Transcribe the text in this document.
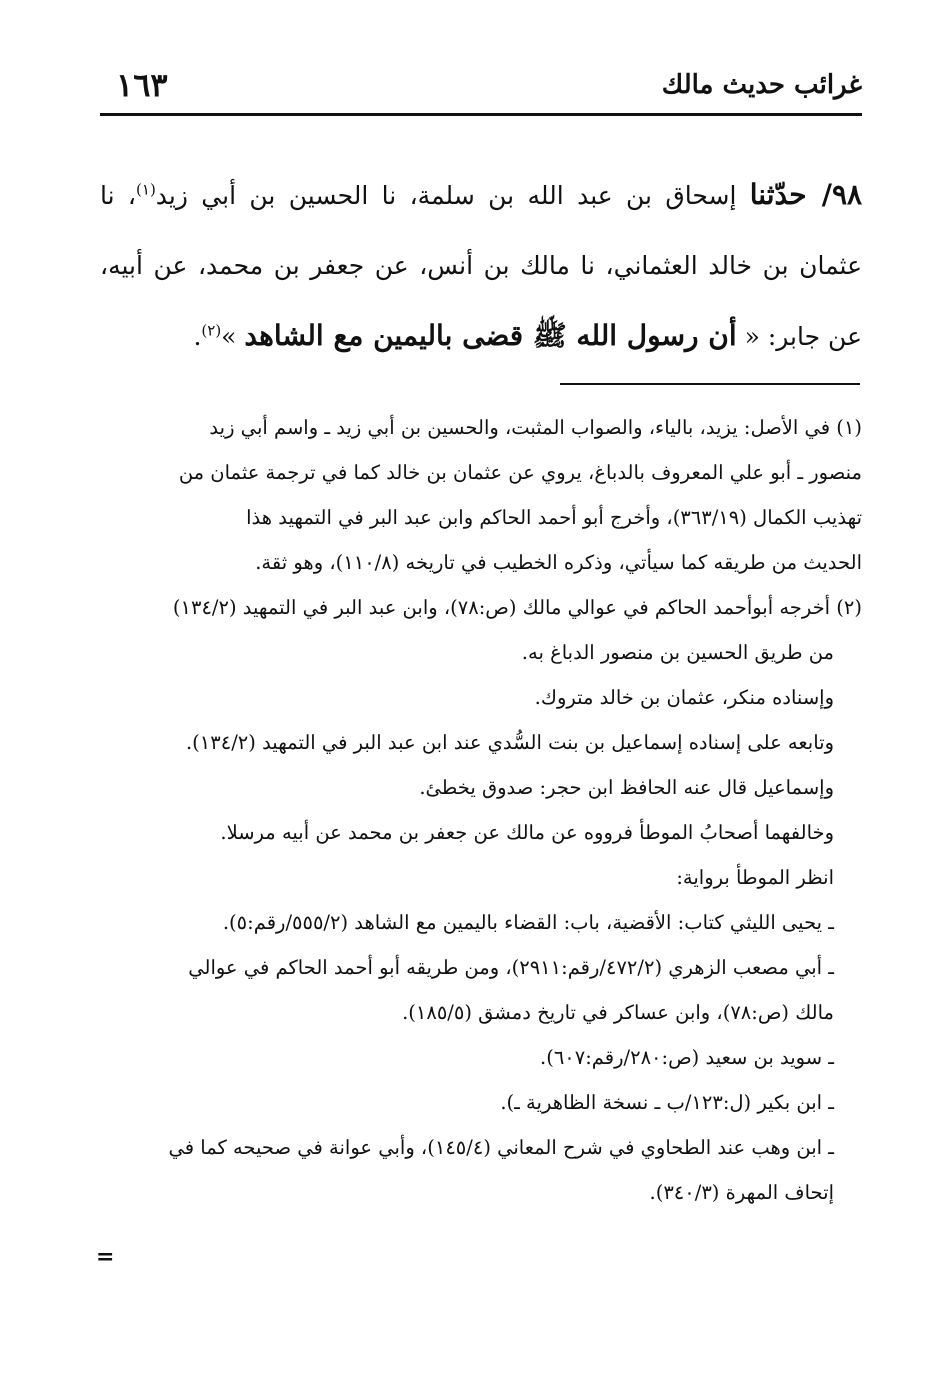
غرائب حديث مالك
١٦٣
٩٨/ حدّثنا إسحاق بن عبد الله بن سلمة، نا الحسين بن أبي زيد$^{(١)}$، نا عثمان بن خالد العثماني، نا مالك بن أنس، عن جعفر بن محمد، عن أبيه، عن جابر: « أن رسول الله ﷺ قضى باليمين مع الشاهد »$^{(٢)}$.
(١) في الأصل: يزيد، بالياء، والصواب المثبت، والحسين بن أبي زيد ـ واسم أبي زيد
منصور ـ أبو علي المعروف بالدباغ، يروي عن عثمان بن خالد كما في ترجمة عثمان من
تهذيب الكمال (٣٦٣/١٩)، وأخرج أبو أحمد الحاكم وابن عبد البر في التمهيد هذا
الحديث من طريقه كما سيأتي، وذكره الخطيب في تاريخه (١١٠/٨)، وهو ثقة.
(٢) أخرجه أبوأحمد الحاكم في عوالي مالك (ص:٧٨)، وابن عبد البر في التمهيد (١٣٤/٢)
من طريق الحسين بن منصور الدباغ به.
وإسناده منكر، عثمان بن خالد متروك.
وتابعه على إسناده إسماعيل بن بنت السُّدي عند ابن عبد البر في التمهيد (١٣٤/٢).
وإسماعيل قال عنه الحافظ ابن حجر: صدوق يخطئ.
وخالفهما أصحابُ الموطأ فرووه عن مالك عن جعفر بن محمد عن أبيه مرسلا.
انظر الموطأ برواية:
ـ يحيى الليثي كتاب: الأقضية، باب: القضاء باليمين مع الشاهد (٥٥٥/٢/رقم:٥).
ـ أبي مصعب الزهري (٤٧٢/٢/رقم:٢٩١١)، ومن طريقه أبو أحمد الحاكم في عوالي
مالك (ص:٧٨)، وابن عساكر في تاريخ دمشق (١٨٥/٥).
ـ سويد بن سعيد (ص:٢٨٠/رقم:٦٠٧).
ـ ابن بكير (ل:١٢٣/ب ـ نسخة الظاهرية ـ).
ـ ابن وهب عند الطحاوي في شرح المعاني (١٤٥/٤)، وأبي عوانة في صحيحه كما في
إتحاف المهرة (٣٤٠/٣).
=
